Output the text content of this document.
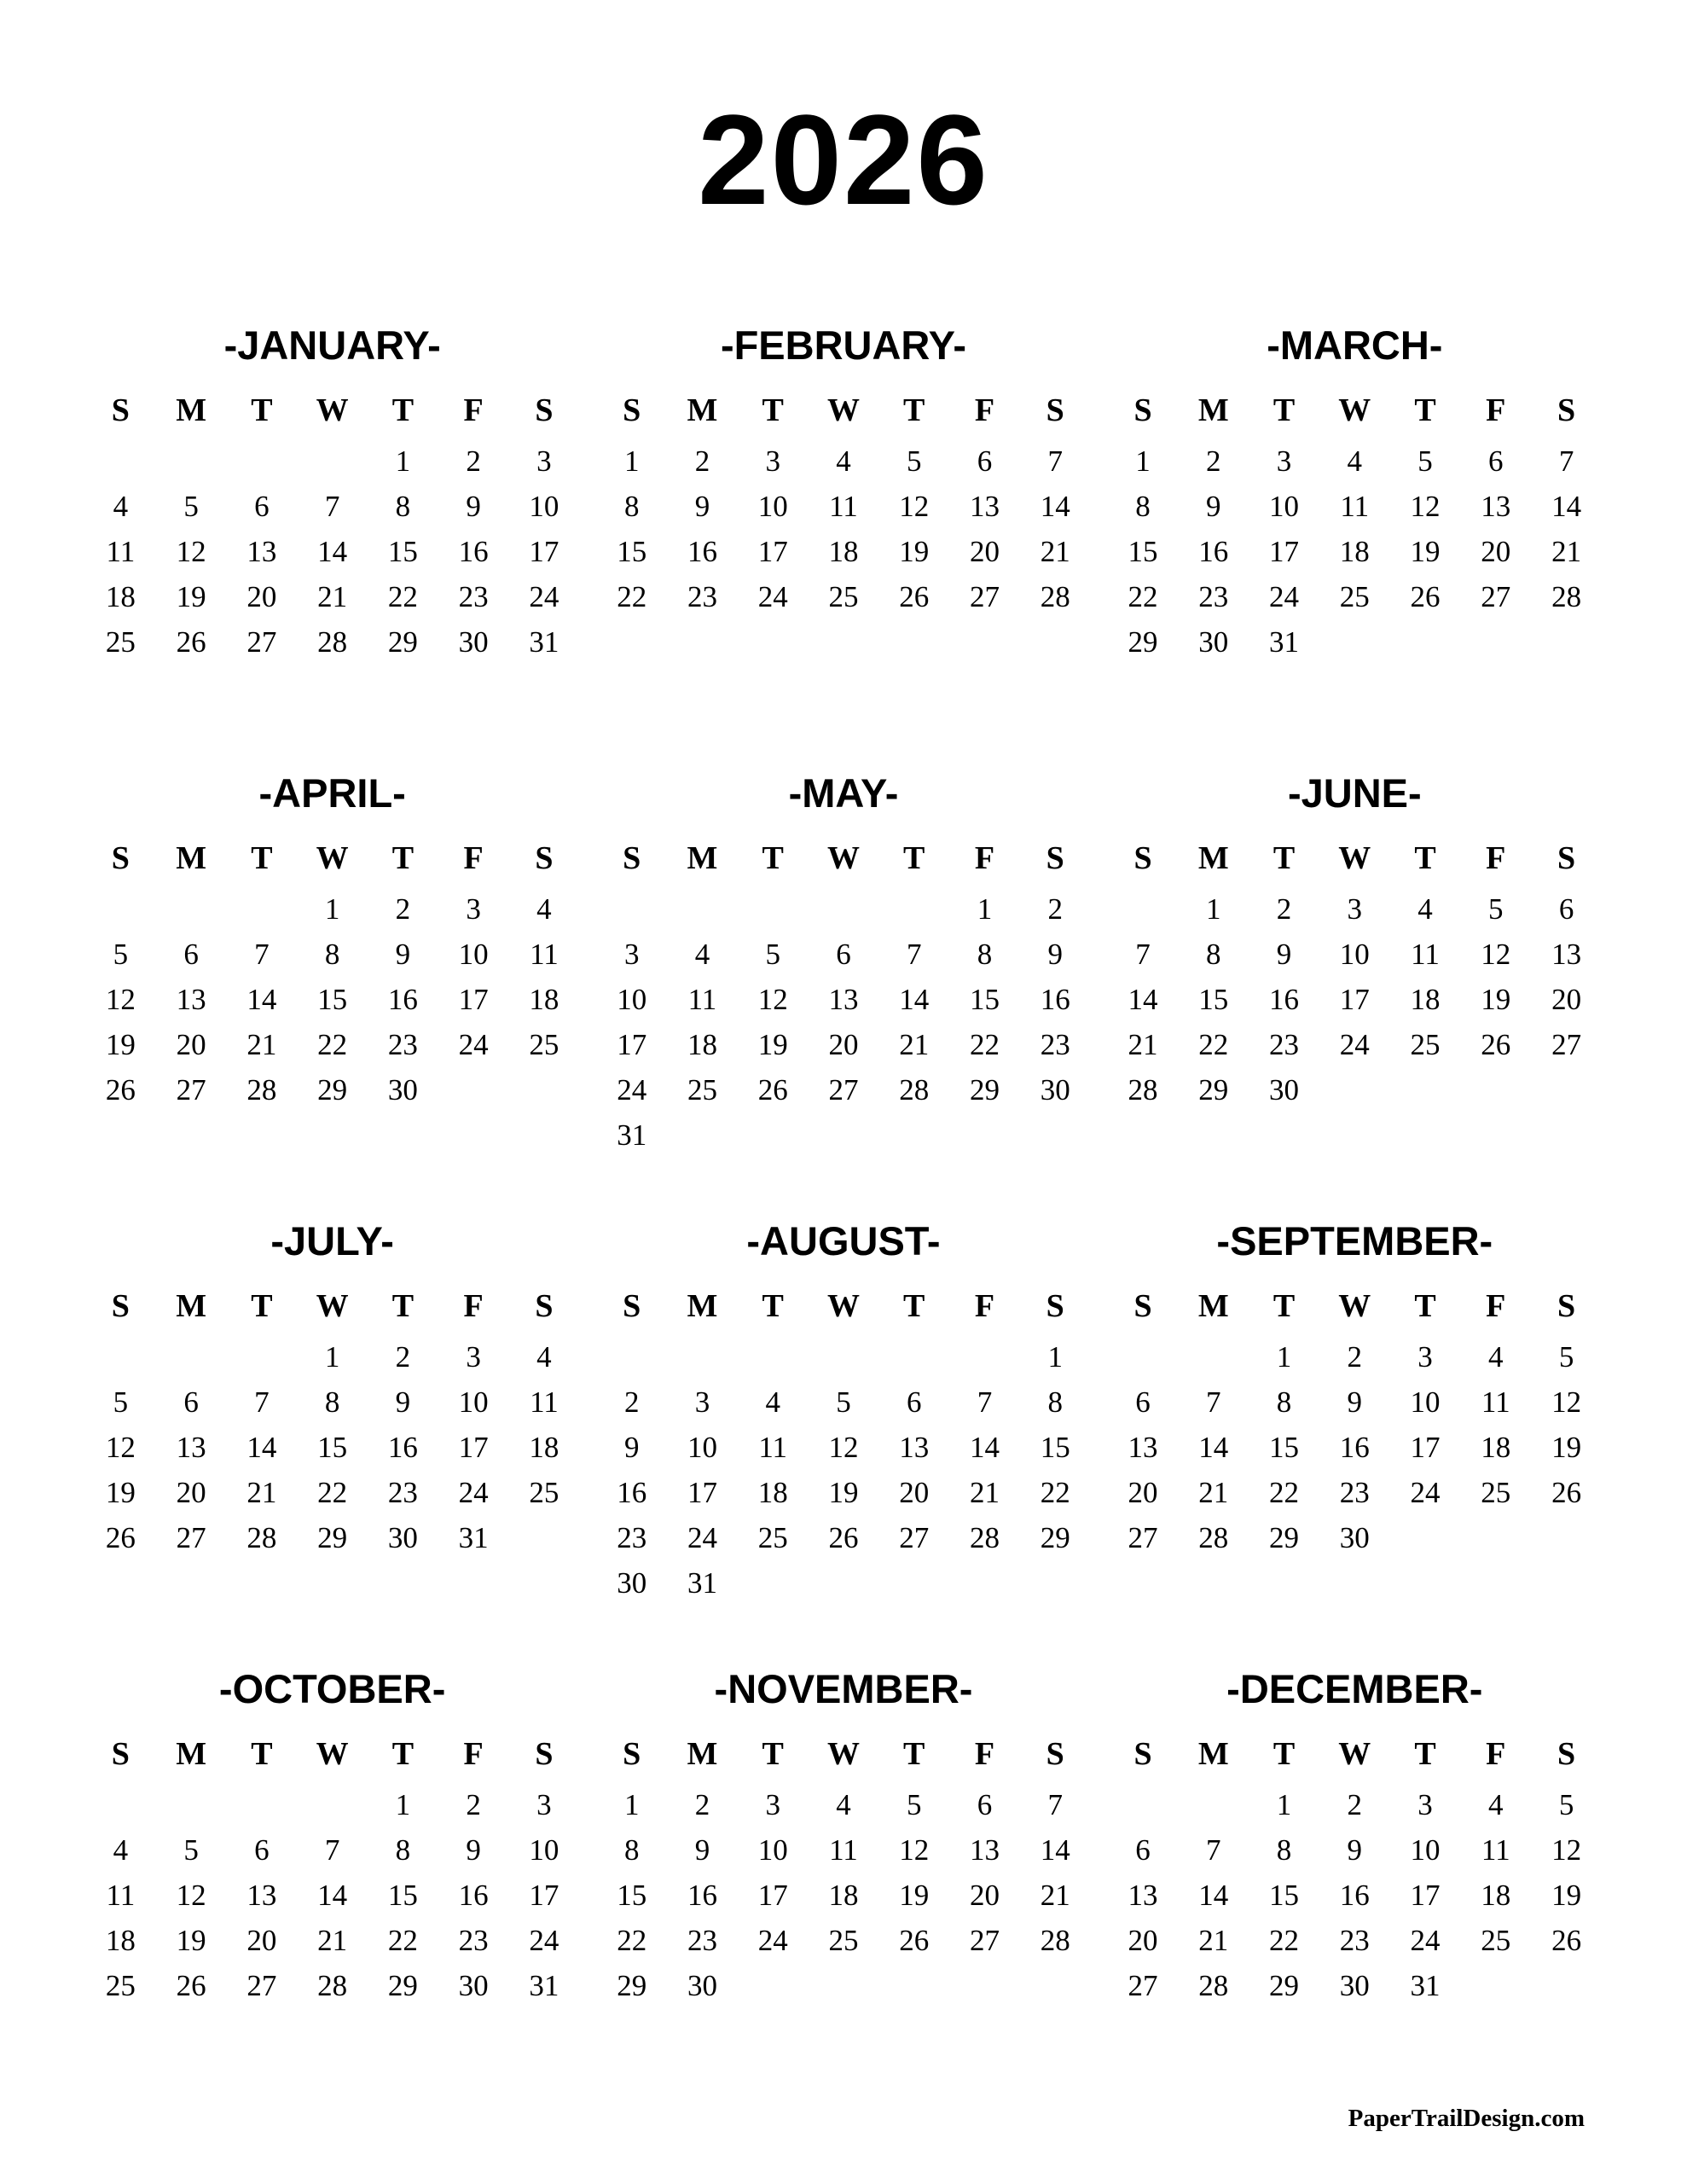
2026
-JANUARY-
S	M	T	W	T	F	S
				1	2	3
4	5	6	7	8	9	10
11	12	13	14	15	16	17
18	19	20	21	22	23	24
25	26	27	28	29	30	31

-FEBRUARY-
S	M	T	W	T	F	S
1	2	3	4	5	6	7
8	9	10	11	12	13	14
15	16	17	18	19	20	21
22	23	24	25	26	27	28

-MARCH-
S	M	T	W	T	F	S
1	2	3	4	5	6	7
8	9	10	11	12	13	14
15	16	17	18	19	20	21
22	23	24	25	26	27	28
29	30	31				

-APRIL-
S	M	T	W	T	F	S
			1	2	3	4
5	6	7	8	9	10	11
12	13	14	15	16	17	18
19	20	21	22	23	24	25
26	27	28	29	30		

-MAY-
S	M	T	W	T	F	S
					1	2
3	4	5	6	7	8	9
10	11	12	13	14	15	16
17	18	19	20	21	22	23
24	25	26	27	28	29	30
31						
-JUNE-
S	M	T	W	T	F	S
	1	2	3	4	5	6
7	8	9	10	11	12	13
14	15	16	17	18	19	20
21	22	23	24	25	26	27
28	29	30				

-JULY-
S	M	T	W	T	F	S
			1	2	3	4
5	6	7	8	9	10	11
12	13	14	15	16	17	18
19	20	21	22	23	24	25
26	27	28	29	30	31	

-AUGUST-
S	M	T	W	T	F	S
						1
2	3	4	5	6	7	8
9	10	11	12	13	14	15
16	17	18	19	20	21	22
23	24	25	26	27	28	29
30	31					
-SEPTEMBER-
S	M	T	W	T	F	S
		1	2	3	4	5
6	7	8	9	10	11	12
13	14	15	16	17	18	19
20	21	22	23	24	25	26
27	28	29	30			

-OCTOBER-
S	M	T	W	T	F	S
				1	2	3
4	5	6	7	8	9	10
11	12	13	14	15	16	17
18	19	20	21	22	23	24
25	26	27	28	29	30	31

-NOVEMBER-
S	M	T	W	T	F	S
1	2	3	4	5	6	7
8	9	10	11	12	13	14
15	16	17	18	19	20	21
22	23	24	25	26	27	28
29	30					

-DECEMBER-
S	M	T	W	T	F	S
		1	2	3	4	5
6	7	8	9	10	11	12
13	14	15	16	17	18	19
20	21	22	23	24	25	26
27	28	29	30	31		

PaperTrailDesign.com
